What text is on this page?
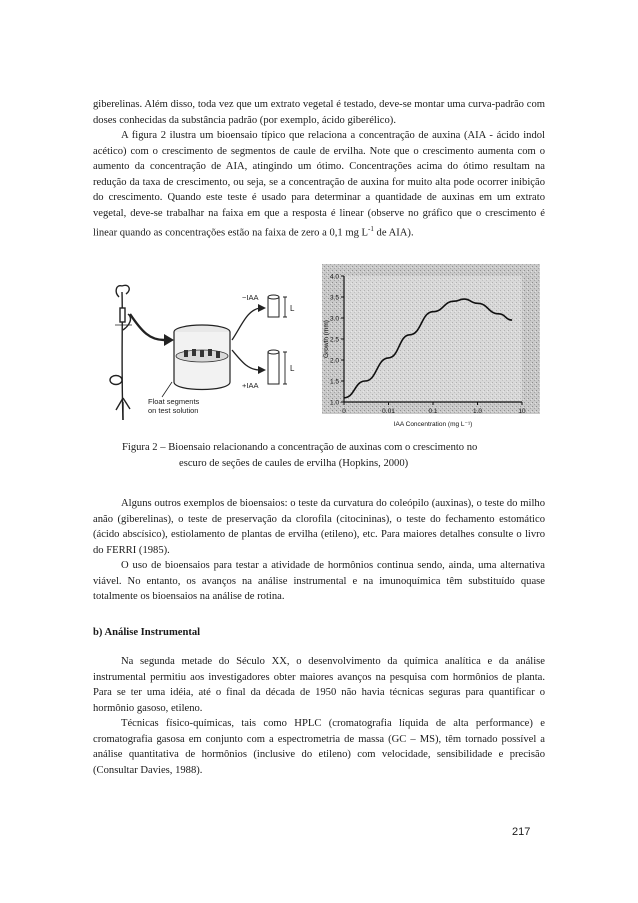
giberelinas. Além disso, toda vez que um extrato vegetal é testado, deve-se montar uma curva-padrão com doses conhecidas da substância padrão (por exemplo, ácido giberélico).

A figura 2 ilustra um bioensaio típico que relaciona a concentração de auxina (AIA - ácido indol acético) com o crescimento de segmentos de caule de ervilha. Note que o crescimento aumenta com o aumento da concentração de AIA, atingindo um ótimo. Concentrações acima do ótimo resultam na redução da taxa de crescimento, ou seja, se a concentração de auxina for muito alta pode ocorrer inibição do crescimento. Quando este teste é usado para determinar a quantidade de auxinas em um extrato vegetal, deve-se trabalhar na faixa em que a resposta é linear (observe no gráfico que o crescimento é linear quando as concentrações estão na faixa de zero a 0,1 mg $L^{-1}$ de AIA).

L
L
−IAA
+IAA
Float segments
on test solution
1.0
1.5
2.0
2.5
3.0
3.5
4.0
0	0.01	0.1	1.0	10
IAA Concentration (mg L⁻¹)
Growth (mm)
Figura 2 – Bioensaio relacionando a concentração de auxinas com o crescimento no
escuro de seções de caules de ervilha (Hopkins, 2000)

Alguns outros exemplos de bioensaios: o teste da curvatura do coleópilo (auxinas), o teste do milho anão (giberelinas), o teste de preservação da clorofila (citocininas), o teste do fechamento estomático (ácido abscísico), estiolamento de plantas de ervilha (etileno), etc. Para maiores detalhes consulte o livro do FERRI (1985).

O uso de bioensaios para testar a atividade de hormônios continua sendo, ainda, uma alternativa viável. No entanto, os avanços na análise instrumental e na imunoquímica têm substituído quase totalmente os bioensaios na análise de rotina.

b) Análise Instrumental

Na segunda metade do Século XX, o desenvolvimento da química analítica e da análise instrumental permitiu aos investigadores obter maiores avanços na pesquisa com hormônios de planta. Para se ter uma idéia, até o final da década de 1950 não havia técnicas seguras para quantificar o hormônio gasoso, etileno.

Técnicas físico-químicas, tais como HPLC (cromatografia líquida de alta performance) e cromatografia gasosa em conjunto com a espectrometria de massa (GC – MS), têm tornado possível a análise quantitativa de hormônios (inclusive do etileno) com velocidade, sensibilidade e precisão (Consultar Davies, 1988).

217
